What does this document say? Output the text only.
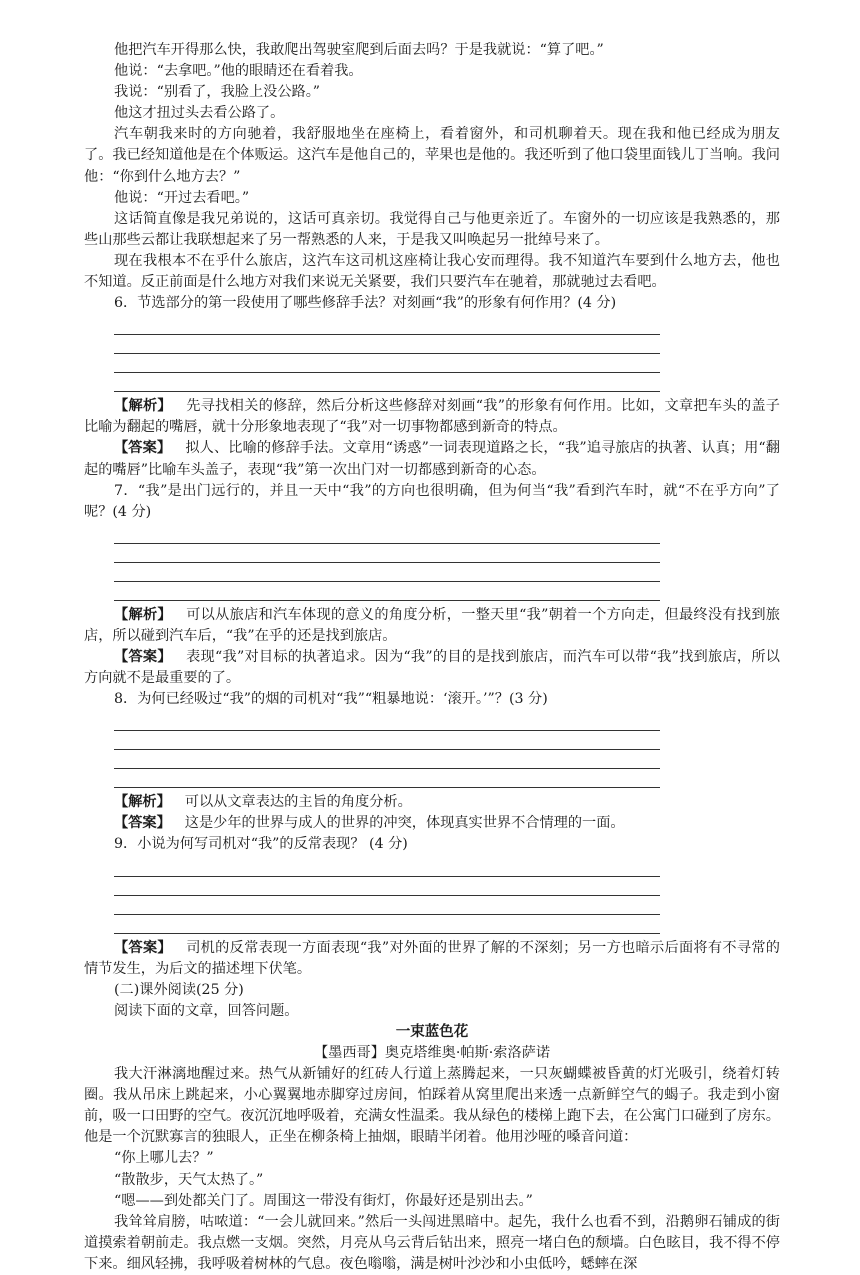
他把汽车开得那么快，我敢爬出驾驶室爬到后面去吗？于是我就说：“算了吧。”

他说：“去拿吧。”他的眼睛还在看着我。

我说：“别看了，我脸上没公路。”

他这才扭过头去看公路了。

汽车朝我来时的方向驰着，我舒服地坐在座椅上，看着窗外，和司机聊着天。现在我和他已经成为朋友了。我已经知道他是在个体贩运。这汽车是他自己的，苹果也是他的。我还听到了他口袋里面钱儿丁当响。我问他：“你到什么地方去？”

他说：“开过去看吧。”

这话简直像是我兄弟说的，这话可真亲切。我觉得自己与他更亲近了。车窗外的一切应该是我熟悉的，那些山那些云都让我联想起来了另一帮熟悉的人来，于是我又叫唤起另一批绰号来了。

现在我根本不在乎什么旅店，这汽车这司机这座椅让我心安而理得。我不知道汽车要到什么地方去，他也不知道。反正前面是什么地方对我们来说无关紧要，我们只要汽车在驰着，那就驰过去看吧。

6．节选部分的第一段使用了哪些修辞手法？对刻画“我”的形象有何作用？(4 分)

【解析】 先寻找相关的修辞，然后分析这些修辞对刻画“我”的形象有何作用。比如，文章把车头的盖子比喻为翻起的嘴唇，就十分形象地表现了“我”对一切事物都感到新奇的特点。

【答案】 拟人、比喻的修辞手法。文章用“诱惑”一词表现道路之长，“我”追寻旅店的执著、认真；用“翻起的嘴唇”比喻车头盖子，表现“我”第一次出门对一切都感到新奇的心态。

7．“我”是出门远行的，并且一天中“我”的方向也很明确，但为何当“我”看到汽车时，就“不在乎方向”了呢？(4 分)

【解析】 可以从旅店和汽车体现的意义的角度分析，一整天里“我”朝着一个方向走，但最终没有找到旅店，所以碰到汽车后，“我”在乎的还是找到旅店。

【答案】 表现“我”对目标的执著追求。因为“我”的目的是找到旅店，而汽车可以带“我”找到旅店，所以方向就不是最重要的了。

8．为何已经吸过“我”的烟的司机对“我”“粗暴地说：‘滚开。’”？(3 分)

【解析】 可以从文章表达的主旨的角度分析。

【答案】 这是少年的世界与成人的世界的冲突，体现真实世界不合情理的一面。

9．小说为何写司机对“我”的反常表现？ (4 分)

【答案】 司机的反常表现一方面表现“我”对外面的世界了解的不深刻；另一方也暗示后面将有不寻常的情节发生，为后文的描述埋下伏笔。

(二)课外阅读(25 分)

阅读下面的文章，回答问题。

一束蓝色花

【墨西哥】奥克塔维奥·帕斯·索洛萨诺

我大汗淋漓地醒过来。热气从新铺好的红砖人行道上蒸腾起来，一只灰蝴蝶被昏黄的灯光吸引，绕着灯转圈。我从吊床上跳起来，小心翼翼地赤脚穿过房间，怕踩着从窝里爬出来透一点新鲜空气的蝎子。我走到小窗前，吸一口田野的空气。夜沉沉地呼吸着，充满女性温柔。我从绿色的楼梯上跑下去，在公寓门口碰到了房东。他是一个沉默寡言的独眼人，正坐在柳条椅上抽烟，眼睛半闭着。他用沙哑的嗓音问道：

“你上哪儿去？”

“散散步，天气太热了。”

“嗯——到处都关门了。周围这一带没有街灯，你最好还是别出去。”

我耸耸肩膀，咕哝道：“一会儿就回来。”然后一头闯进黑暗中。起先，我什么也看不到，沿鹅卵石铺成的街道摸索着朝前走。我点燃一支烟。突然，月亮从乌云背后钻出来，照亮一堵白色的颓墙。白色眩目，我不得不停下来。细风轻拂，我呼吸着树林的气息。夜色嗡嗡，满是树叶沙沙和小虫低吟，蟋蟀在深
